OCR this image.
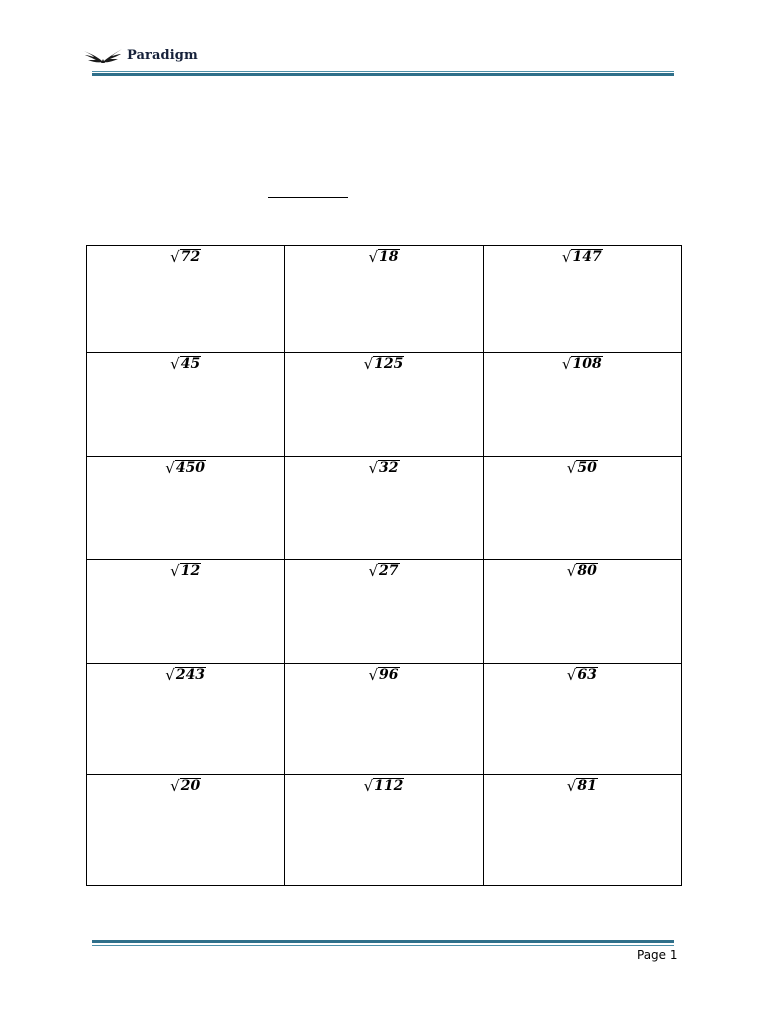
Paradigm
√ 72	√ 18	√ 147

√ 45	√ 125	√ 108

√ 450	√ 32	√ 50

√ 12	√ 27	√ 80

√ 243	√ 96	√ 63

√ 20	√ 112	√ 81
Page 1
